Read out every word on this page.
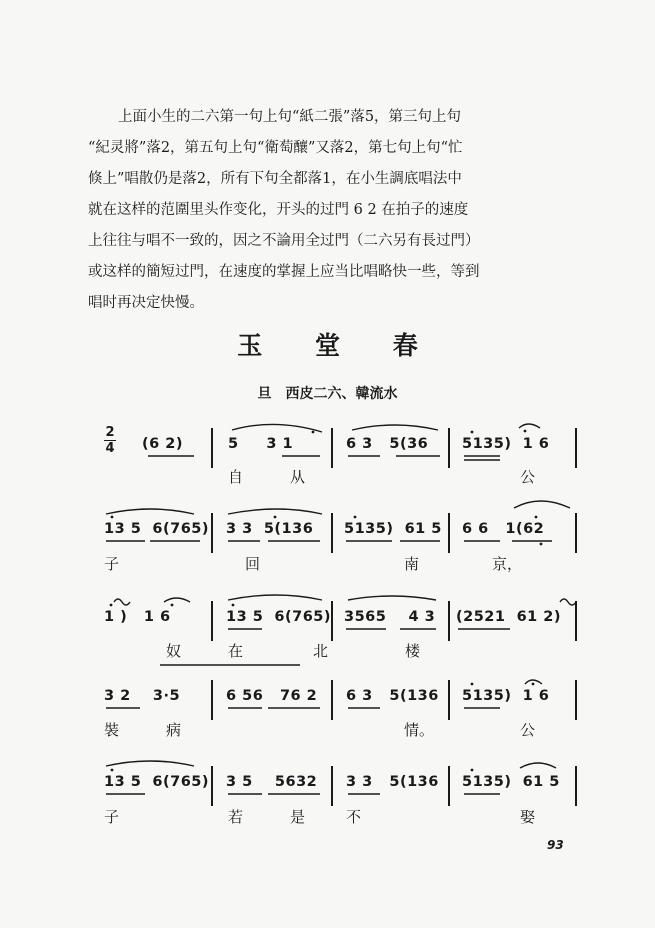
上面小生的二六第一句上句“紙二張”落5，第三句上句
“紀灵將”落2，第五句上句“衛萄釀”又落2，第七句上句“忙
倏上”唱散仍是落2，所有下句全都落1，在小生調底唱法中
就在这样的范圍里头作变化，开头的过門 6 2 在拍子的速度
上往往与唱不一致的，因之不論用全过門（二六另有長过門）
或这样的簡短过門，在速度的掌握上应当比唱略快一些，等到
唱时再决定快慢。

玉 堂 春
旦　西皮二六、韓流水
2
4 (6 2)	5     3 1	6 3   5(36 5135)  1 6
自	从	公
13 5  6(765) 3 3  5(136 5135)  61 5 6 6   1(62
子	回	南	京，
1 )   1 6	13 5  6(765) 3565    4 3 (2521  61 2)
奴	在	北	楼
3 2    3·5	6 56   76 2 6 3   5(136 5135)  1 6
裝	病	情。	公
13 5  6(765) 3 5    5632 3 3   5(136 5135)  61 5
子	若	是	不	娶
93
